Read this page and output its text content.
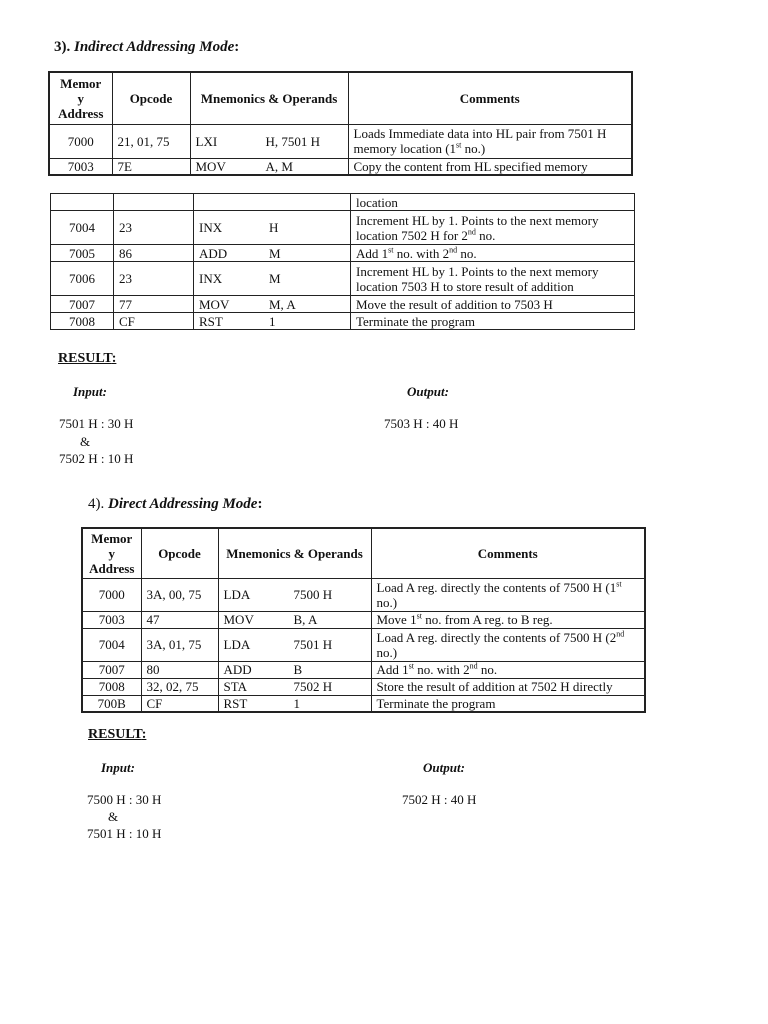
3). Indirect Addressing Mode:
Memor
y
Address	Opcode	Mnemonics & Operands	Comments
7000	21, 01, 75	LXI H, 7501 H	Loads Immediate data into HL pair from 7501 H memory location (1st no.)
7003	7E	MOV A, M	Copy the content from HL specified memory
			location
7004	23	INX H	Increment HL by 1. Points to the next memory location 7502 H for 2nd no.
7005	86	ADD M	Add 1st no. with 2nd no.
7006	23	INX M	Increment HL by 1. Points to the next memory location 7503 H to store result of addition
7007	77	MOV M, A	Move the result of addition to 7503 H
7008	CF	RST 1	Terminate the program
RESULT:
Input:	Output:
7501 H : 30 H
&
7502 H : 10 H
7503 H : 40 H
4). Direct Addressing Mode:
Memor
y
Address	Opcode	Mnemonics & Operands	Comments
7000	3A, 00, 75	LDA 7500 H	Load A reg. directly the contents of 7500 H (1st no.)
7003	47	MOV B, A	Move 1st no. from A reg. to B reg.
7004	3A, 01, 75	LDA 7501 H	Load A reg. directly the contents of 7500 H (2nd no.)
7007	80	ADD B	Add 1st no. with 2nd no.
7008	32, 02, 75	STA 7502 H	Store the result of addition at 7502 H directly
700B	CF	RST 1	Terminate the program
RESULT:
Input:	Output:
7500 H : 30 H
&
7501 H : 10 H
7502 H : 40 H
